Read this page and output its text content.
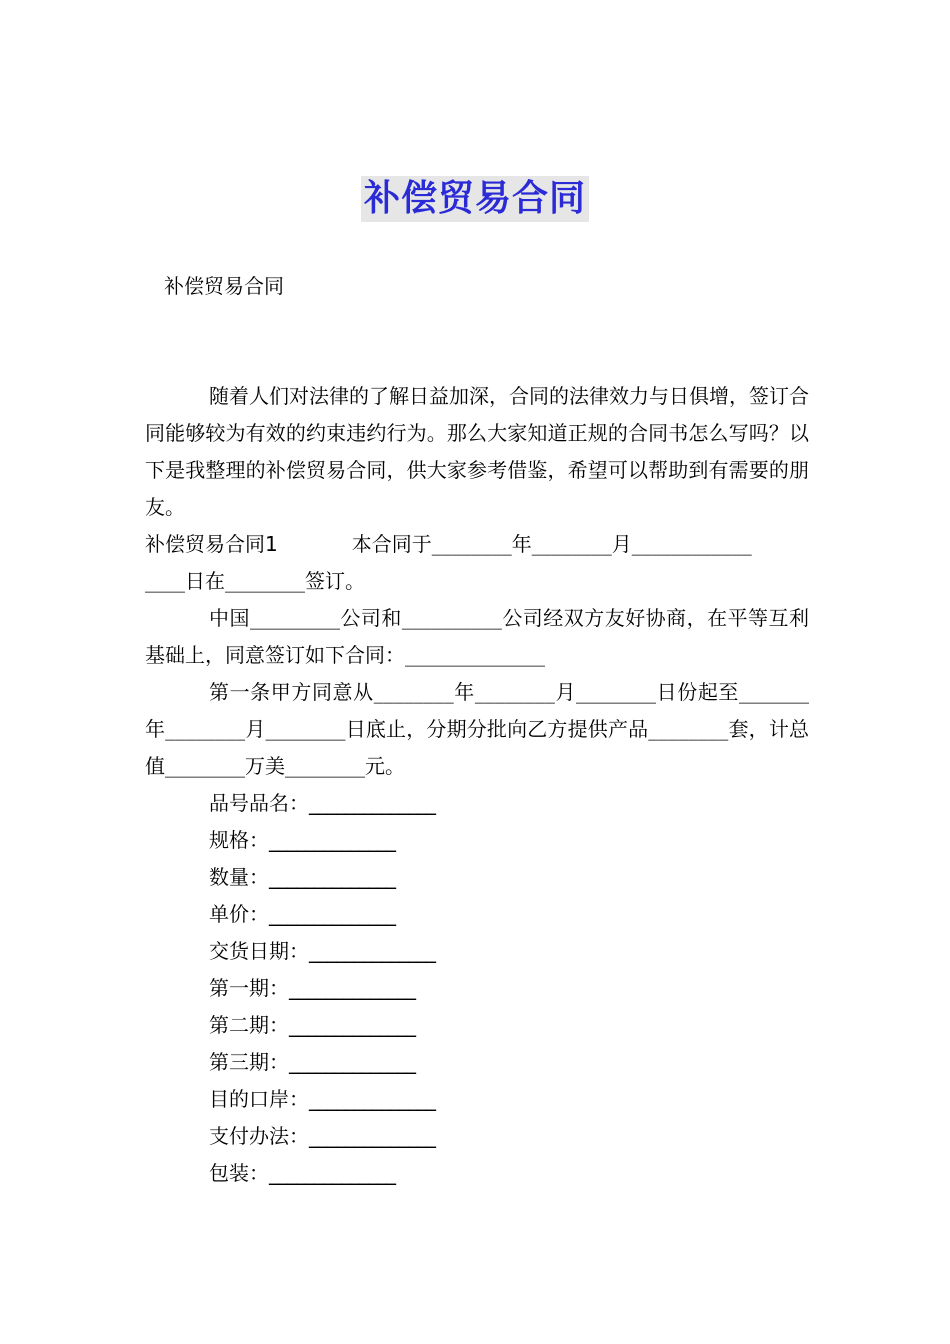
补偿贸易合同
补偿贸易合同

随着人们对法律的了解日益加深，合同的法律效力与日俱增，签订合同能够较为有效的约束违约行为。那么大家知道正规的合同书怎么写吗？以下是我整理的补偿贸易合同，供大家参考借鉴，希望可以帮助到有需要的朋友。

补偿贸易合同1	本合同于________年________月____________

____日在________签订。

中国_________公司和__________公司经双方友好协商，在平等互利基础上，同意签订如下合同：______________

第一条甲方同意从________年________月________日份起至_______年________月________日底止，分期分批向乙方提供产品________套，计总值________万美________元。

品号品名：______________

规格：______________

数量：______________

单价：______________

交货日期：______________

第一期：______________

第二期：______________

第三期：______________

目的口岸：______________

支付办法：______________

包装：______________
